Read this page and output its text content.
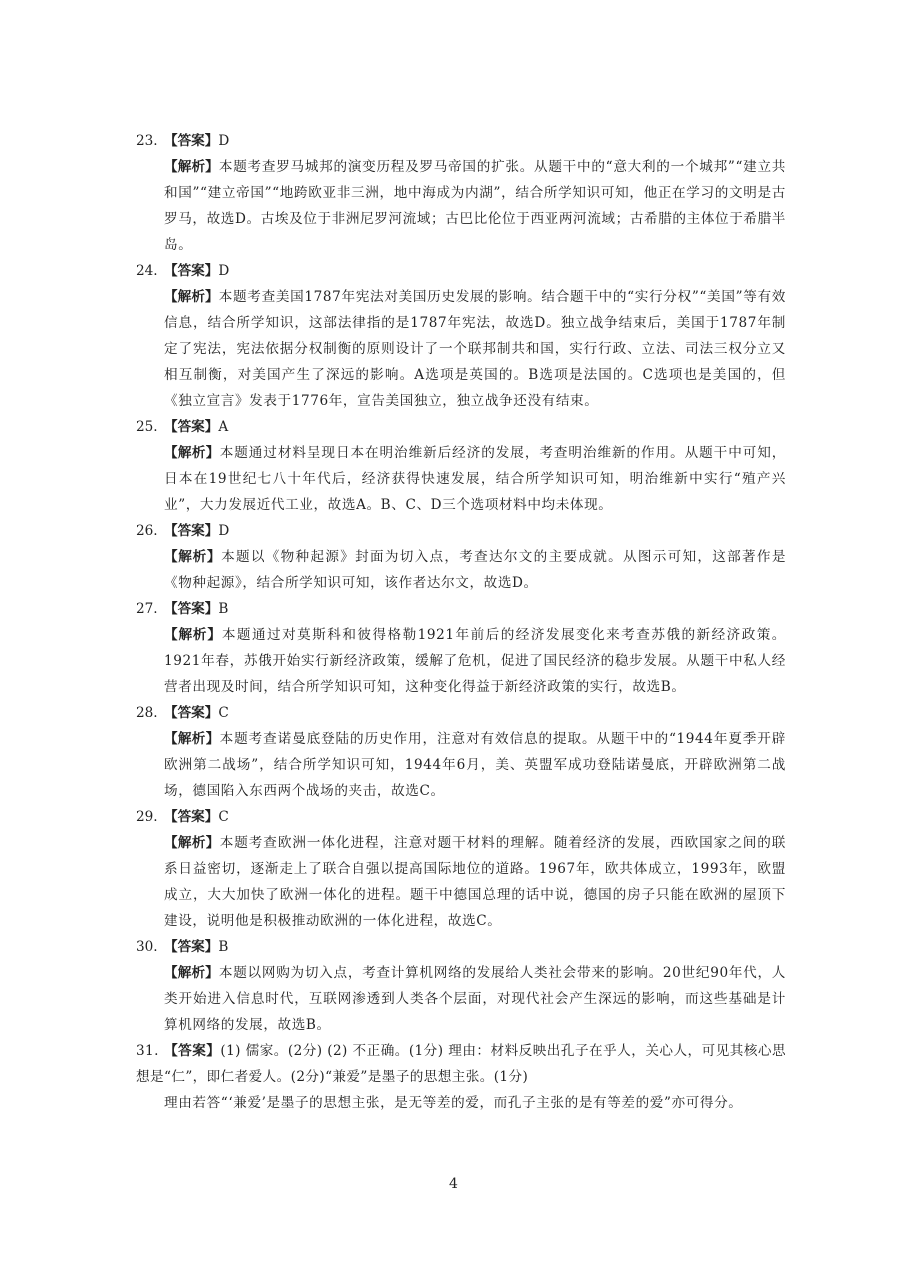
23. 【答案】 D
【解析】本题考查罗马城邦的演变历程及罗马帝国的扩张。从题干中的“意大利的一个城邦”“建立共和国”“建立帝国”“地跨欧亚非三洲，地中海成为内湖”，结合所学知识可知，他正在学习的文明是古罗马，故选D。古埃及位于非洲尼罗河流域；古巴比伦位于西亚两河流域；古希腊的主体位于希腊半岛。
24. 【答案】 D
【解析】本题考查美国1787年宪法对美国历史发展的影响。结合题干中的“实行分权”“美国”等有效信息，结合所学知识，这部法律指的是1787年宪法，故选D。独立战争结束后，美国于1787年制定了宪法，宪法依据分权制衡的原则设计了一个联邦制共和国，实行行政、立法、司法三权分立又相互制衡，对美国产生了深远的影响。A选项是英国的。B选项是法国的。C选项也是美国的，但《独立宣言》发表于1776年，宣告美国独立，独立战争还没有结束。
25. 【答案】 A
【解析】本题通过材料呈现日本在明治维新后经济的发展，考查明治维新的作用。从题干中可知，日本在19世纪七八十年代后，经济获得快速发展，结合所学知识可知，明治维新中实行“殖产兴业”，大力发展近代工业，故选A。B、C、D三个选项材料中均未体现。
26. 【答案】 D
【解析】本题以《物种起源》封面为切入点，考查达尔文的主要成就。从图示可知，这部著作是《物种起源》，结合所学知识可知，该作者达尔文，故选D。
27. 【答案】 B
【解析】本题通过对莫斯科和彼得格勒1921年前后的经济发展变化来考查苏俄的新经济政策。1921年春，苏俄开始实行新经济政策，缓解了危机，促进了国民经济的稳步发展。从题干中私人经营者出现及时间，结合所学知识可知，这种变化得益于新经济政策的实行，故选B。
28. 【答案】 C
【解析】本题考查诺曼底登陆的历史作用，注意对有效信息的提取。从题干中的“1944年夏季开辟欧洲第二战场”，结合所学知识可知，1944年6月，美、英盟军成功登陆诺曼底，开辟欧洲第二战场，德国陷入东西两个战场的夹击，故选C。
29. 【答案】 C
【解析】本题考查欧洲一体化进程，注意对题干材料的理解。随着经济的发展，西欧国家之间的联系日益密切，逐渐走上了联合自强以提高国际地位的道路。1967年，欧共体成立，1993年，欧盟成立，大大加快了欧洲一体化的进程。题干中德国总理的话中说，德国的房子只能在欧洲的屋顶下建设，说明他是积极推动欧洲的一体化进程，故选C。
30. 【答案】 B
【解析】本题以网购为切入点，考查计算机网络的发展给人类社会带来的影响。20世纪90年代，人类开始进入信息时代，互联网渗透到人类各个层面，对现代社会产生深远的影响，而这些基础是计算机网络的发展，故选B。
31. 【答案】(1) 儒家。(2分) (2) 不正确。(1分) 理由：材料反映出孔子在乎人，关心人，可见其核心思想是“仁”，即仁者爱人。(2分)“兼爱”是墨子的思想主张。(1分)
理由若答“‘兼爱’是墨子的思想主张，是无等差的爱，而孔子主张的是有等差的爱”亦可得分。
4
